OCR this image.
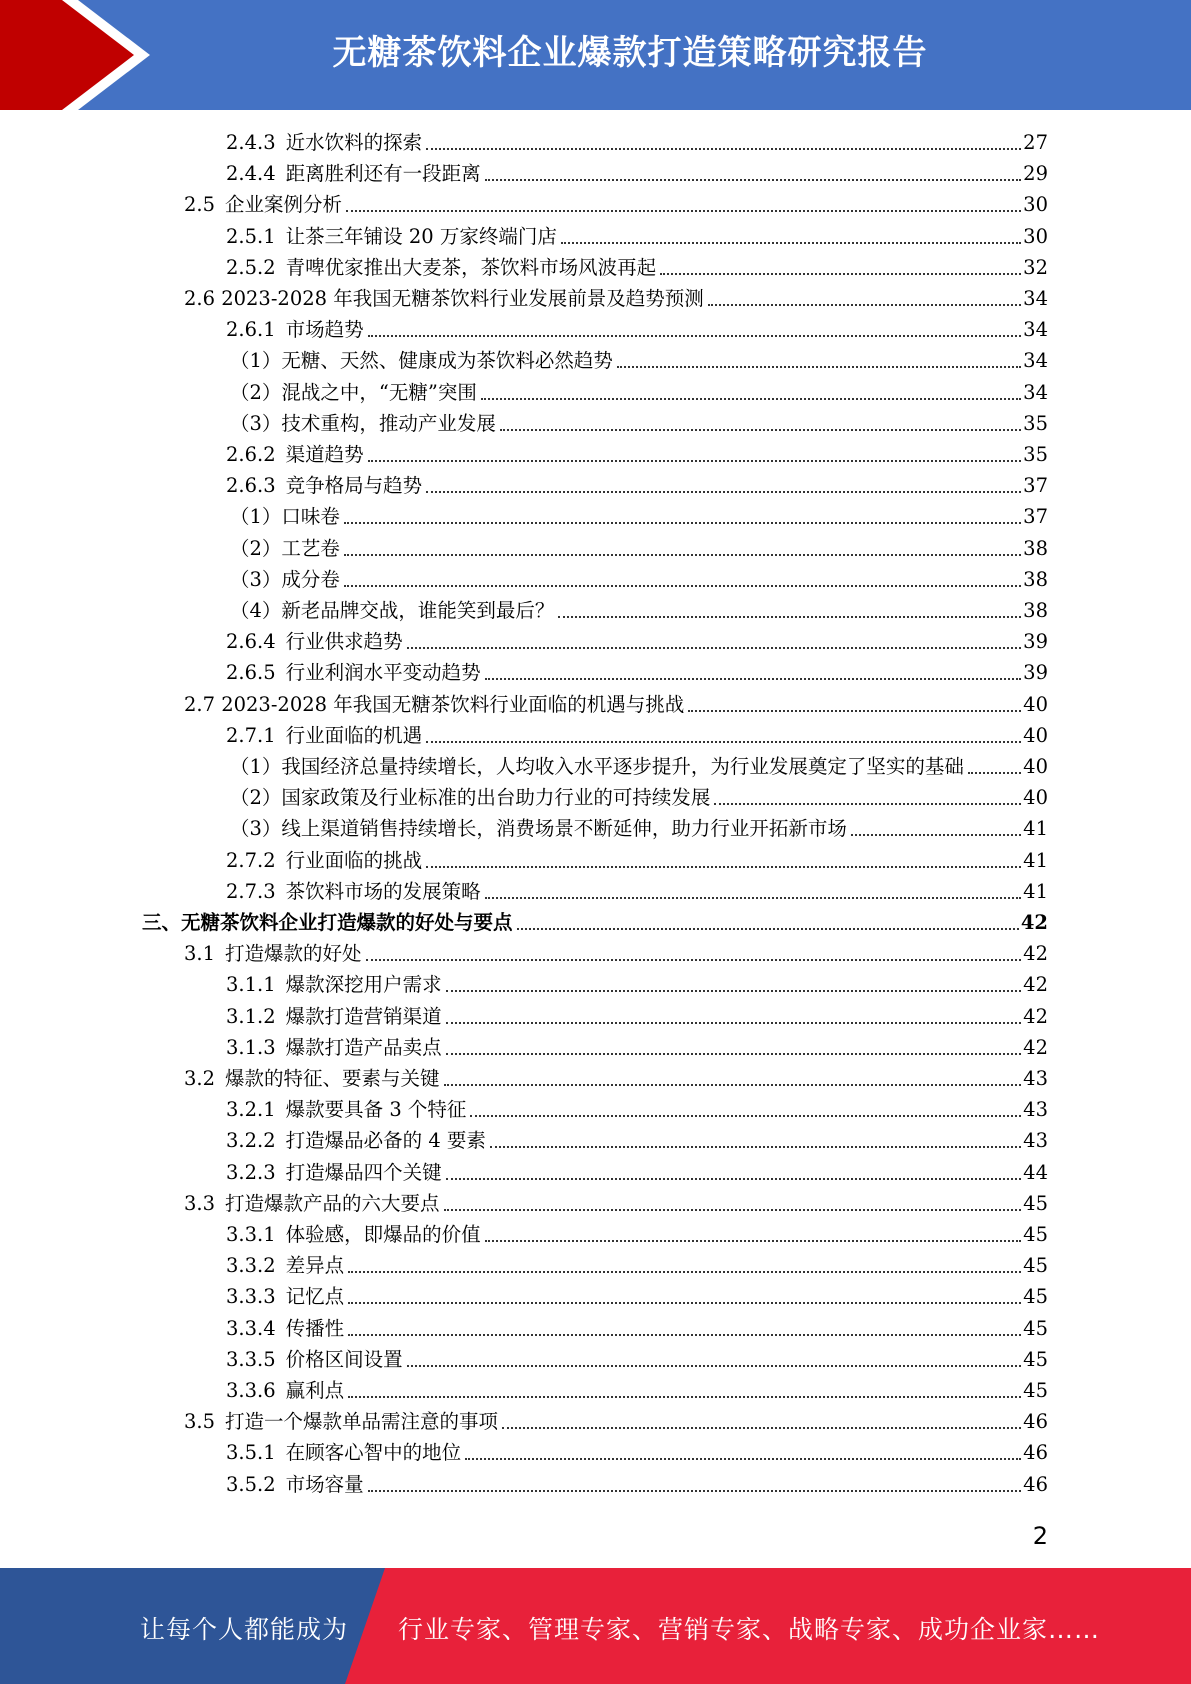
无糖茶饮料企业爆款打造策略研究报告
2.4.3 近水饮料的探索	27
2.4.4 距离胜利还有一段距离	29
2.5 企业案例分析	30
2.5.1 让茶三年铺设 20 万家终端门店	30
2.5.2 青啤优家推出大麦茶，茶饮料市场风波再起	32
2.6 2023-2028 年我国无糖茶饮料行业发展前景及趋势预测	34
2.6.1 市场趋势	34
（1）无糖、天然、健康成为茶饮料必然趋势	34
（2）混战之中，“无糖”突围	34
（3）技术重构，推动产业发展	35
2.6.2 渠道趋势	35
2.6.3 竞争格局与趋势	37
（1）口味卷	37
（2）工艺卷	38
（3）成分卷	38
（4）新老品牌交战，谁能笑到最后？	38
2.6.4 行业供求趋势	39
2.6.5 行业利润水平变动趋势	39
2.7 2023-2028 年我国无糖茶饮料行业面临的机遇与挑战	40
2.7.1 行业面临的机遇	40
（1）我国经济总量持续增长，人均收入水平逐步提升，为行业发展奠定了坚实的基础	40
（2）国家政策及行业标准的出台助力行业的可持续发展	40
（3）线上渠道销售持续增长，消费场景不断延伸，助力行业开拓新市场	41
2.7.2 行业面临的挑战	41
2.7.3 茶饮料市场的发展策略	41
三、无糖茶饮料企业打造爆款的好处与要点	42
3.1 打造爆款的好处	42
3.1.1 爆款深挖用户需求	42
3.1.2 爆款打造营销渠道	42
3.1.3 爆款打造产品卖点	42
3.2 爆款的特征、要素与关键	43
3.2.1 爆款要具备 3 个特征	43
3.2.2 打造爆品必备的 4 要素	43
3.2.3 打造爆品四个关键	44
3.3 打造爆款产品的六大要点	45
3.3.1 体验感，即爆品的价值	45
3.3.2 差异点	45
3.3.3 记忆点	45
3.3.4 传播性	45
3.3.5 价格区间设置	45
3.3.6 赢利点	45
3.5 打造一个爆款单品需注意的事项	46
3.5.1 在顾客心智中的地位	46
3.5.2 市场容量	46
2
让每个人都能成为 行业专家、管理专家、营销专家、战略专家、成功企业家……
